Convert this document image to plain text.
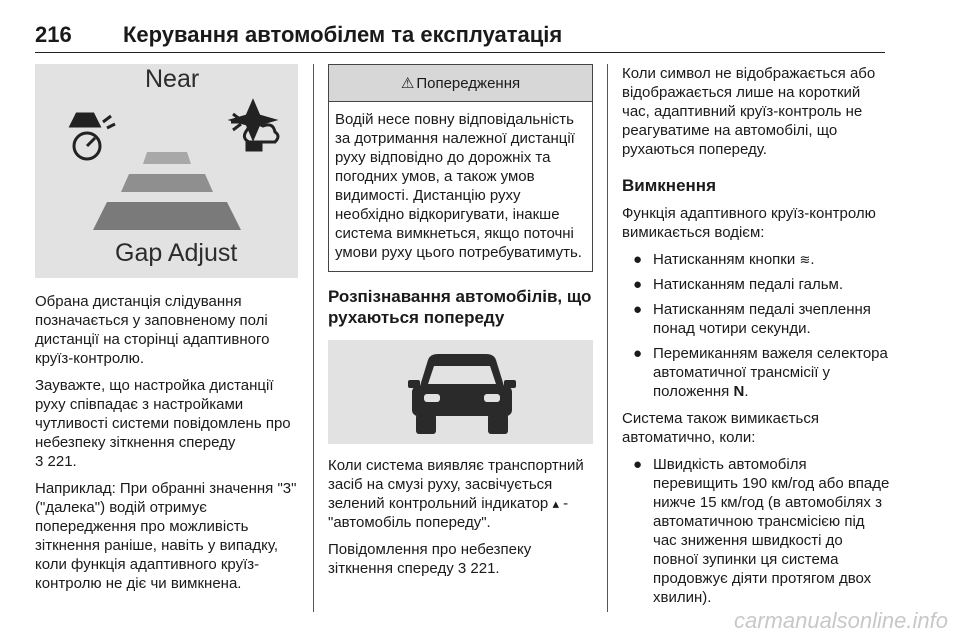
216 Керування автомобілем та експлуатація
Near
Gap Adjust

Обрана дистанція слідування позначається у заповненому полі дистанції на сторінці адаптивного круїз-контролю.

Зауважте, що настройка дистанції руху співпадає з настройками чутливості системи повідомлень про небезпеку зіткнення спереду
3 221.

Наприклад: При обранні значення "3" ("далека") водій отримує попередження про можливість зіткнення раніше, навіть у випадку, коли функція адаптивного круїз-контролю не діє чи вимкнена.

⚠ Попередження
Водій несе повну відповідальність за дотримання належної дистанції руху відповідно до дорожніх та погодних умов, а також умов видимості. Дистанцію руху необхідно відкоригувати, інакше система вимкнеться, якщо поточні умови руху цього потребуватимуть.
Розпізнавання автомобілів, що рухаються попереду

Коли система виявляє транспортний засіб на смузі руху, засвічується зелений контрольний індикатор ▴ - "автомобіль попереду".

Повідомлення про небезпеку зіткнення спереду 3 221.

Коли символ не відображається або відображається лише на короткий час, адаптивний круїз-контроль не реагуватиме на автомобілі, що рухаються попереду.

Вимкнення

Функція адаптивного круїз-контролю вимикається водієм:

● Натисканням кнопки ≋.
● Натисканням педалі гальм.
● Натисканням педалі зчеплення понад чотири секунди.
● Перемиканням важеля селектора автоматичної трансмісії у положення N.

Система також вимикається автоматично, коли:

● Швидкість автомобіля перевищить 190 км/год або впаде нижче 15 км/год (в автомобілях з автоматичною трансмісією під час зниження швидкості до повної зупинки ця система продовжує діяти протягом двох хвилин).
carmanualsonline.info
